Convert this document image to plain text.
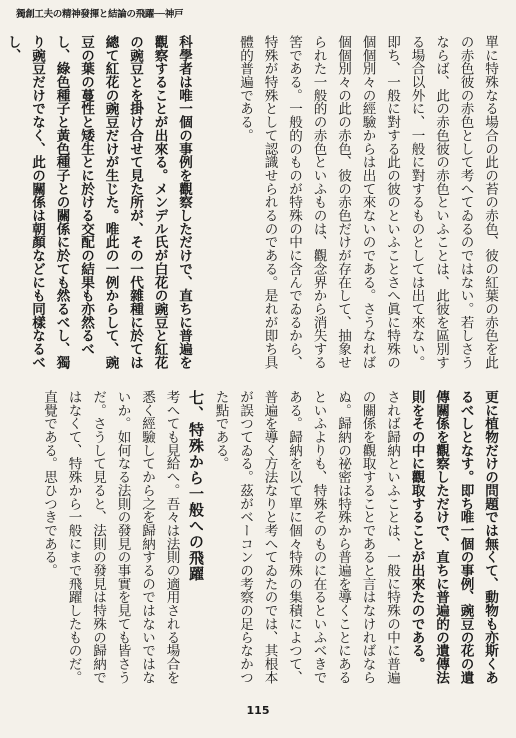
獨創工夫の精神發揮と結論の飛躍──神戸
單に特殊なる場合の此の苔の赤色、彼の紅葉の赤色を此の赤色彼の赤色として考へてゐるのではない。若しさうならば、此の赤色彼の赤色といふことは、此彼を區別する場合以外に、一般に對するものとしては出て來ない。
即ち、一般に對する此の彼のといふことさへ眞に特殊の個個別々の經驗からは出て來ないのである。さうなれば個個別々の此の赤色、彼の赤色だけが存在して、抽象せられた一般的の赤色といふものは、觀念界から消失する筈である。一般的のものが特殊の中に含んでゐるから、特殊が特殊として認識せられるのである。是れが即ち具體的普遍である。
科學者は唯一個の事例を觀察しただけで、直ちに普遍を觀察することが出來る。メンデル氏が白花の豌豆と紅花の豌豆とを掛け合せて見た所が、その一代雜種に於ては總て紅花の豌豆だけが生じた。唯此の一例からして、豌豆の葉の蔓性と矮生とに於ける交配の結果も亦然るべし、綠色種子と黃色種子との關係に於ても然るべし、獨り豌豆だけでなく、此の關係は朝顏などにも同樣なるべし、
更に植物だけの問題では無くて、動物も亦斯くあるべしとなす。即ち唯一個の事例、豌豆の花の遺傳關係を觀察しただけで、直ちに普遍的の遺傳法則をその中に觀取することが出來たのである。
されば歸納といふことは、一般に特殊の中に普遍の關係を觀取することであると言はなければならぬ。歸納の祕密は特殊から普遍を導くことにあるといふよりも、特殊そのものに在るといふべきである。歸納を以て單に個々特殊の集積によつて、普遍を導く方法なりと考へてゐたのでは、其根本が誤つてゐる。茲がベーコンの考察の足らなかつた點である。
七、特殊から一般への飛躍
考へても見給へ。吾々は法則の適用される場合を悉く經驗してから之を歸納するのではないではないか。如何なる法則の發見の事實を見ても皆さうだ。さうして見ると、法則の發見は特殊の歸納ではなくて、特殊から一般にまで飛躍したものだ。直覺である。思ひつきである。
115
